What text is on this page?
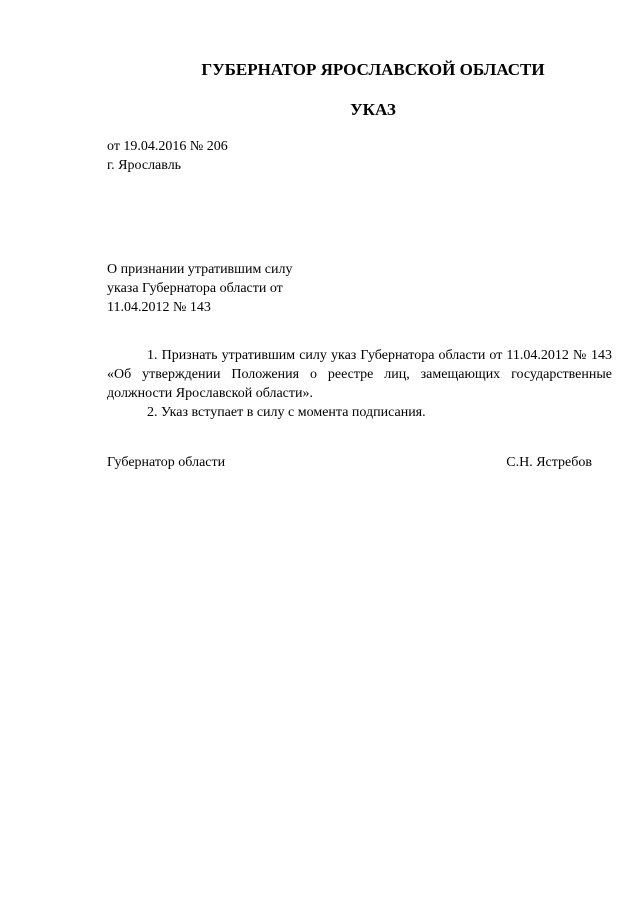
ГУБЕРНАТОР ЯРОСЛАВСКОЙ ОБЛАСТИ
УКАЗ
от 19.04.2016 № 206
г. Ярославль
О признании утратившим силу
указа Губернатора области от
11.04.2012 № 143

1. Признать утратившим силу указ Губернатора области от 11.04.2012 № 143 «Об утверждении Положения о реестре лиц, замещающих государственные должности Ярославской области».

2. Указ вступает в силу с момента подписания.

Губернатор области	С.Н. Ястребов
